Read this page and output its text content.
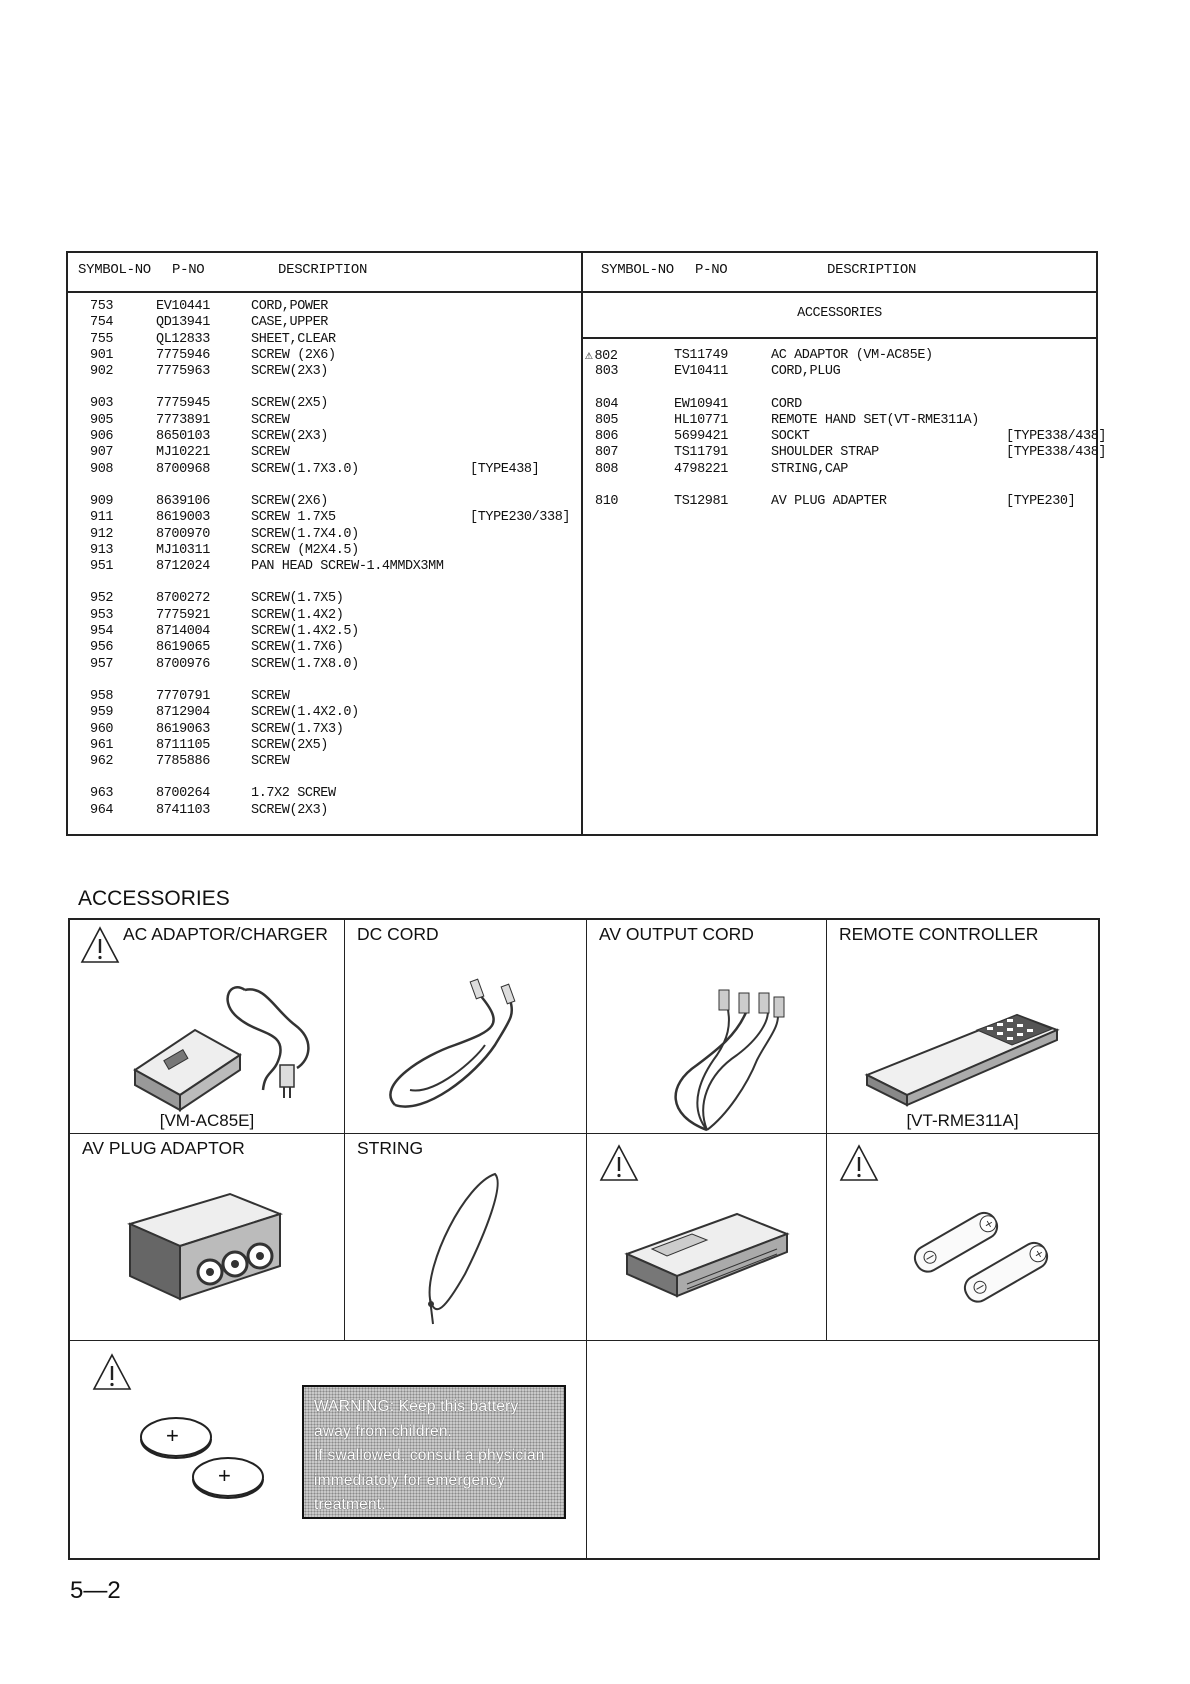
SYMBOL-NO P-NO	DESCRIPTION
753	EV10441	CORD,POWER
754	QD13941	CASE,UPPER
755	QL12833	SHEET,CLEAR
901	7775946	SCREW (2X6)
902	7775963	SCREW(2X3)
903	7775945	SCREW(2X5)
905	7773891	SCREW
906	8650103	SCREW(2X3)
907	MJ10221	SCREW
908	8700968	SCREW(1.7X3.0)	[TYPE438]
909	8639106	SCREW(2X6)
911	8619003	SCREW 1.7X5	[TYPE230/338]
912	8700970	SCREW(1.7X4.0)
913	MJ10311	SCREW (M2X4.5)
951	8712024	PAN HEAD SCREW-1.4MMDX3MM
952	8700272	SCREW(1.7X5)
953	7775921	SCREW(1.4X2)
954	8714004	SCREW(1.4X2.5)
956	8619065	SCREW(1.7X6)
957	8700976	SCREW(1.7X8.0)
958	7770791	SCREW
959	8712904	SCREW(1.4X2.0)
960	8619063	SCREW(1.7X3)
961	8711105	SCREW(2X5)
962	7785886	SCREW
963	8700264	1.7X2 SCREW
964	8741103	SCREW(2X3)
SYMBOL-NO P-NO	DESCRIPTION
ACCESSORIES
⚠ 802	TS11749	AC ADAPTOR (VM-AC85E)
803	EV10411	CORD,PLUG
804	EW10941	CORD
805	HL10771	REMOTE HAND SET(VT-RME311A)
806	5699421	SOCKT	[TYPE338/438]
807	TS11791	SHOULDER STRAP	[TYPE338/438]
808	4798221	STRING,CAP
810	TS12981	AV PLUG ADAPTER	[TYPE230]
ACCESSORIES
AC ADAPTOR/CHARGER
[VM-AC85E]
DC CORD	AV OUTPUT CORD	REMOTE CONTROLLER
[VT-RME311A]
AV PLUG ADAPTOR	STRING
+
+
+
+

WARNING: Keep this battery away from children.

If swallowed, consult a physician immediatoly for emergency treatment.

5—2
